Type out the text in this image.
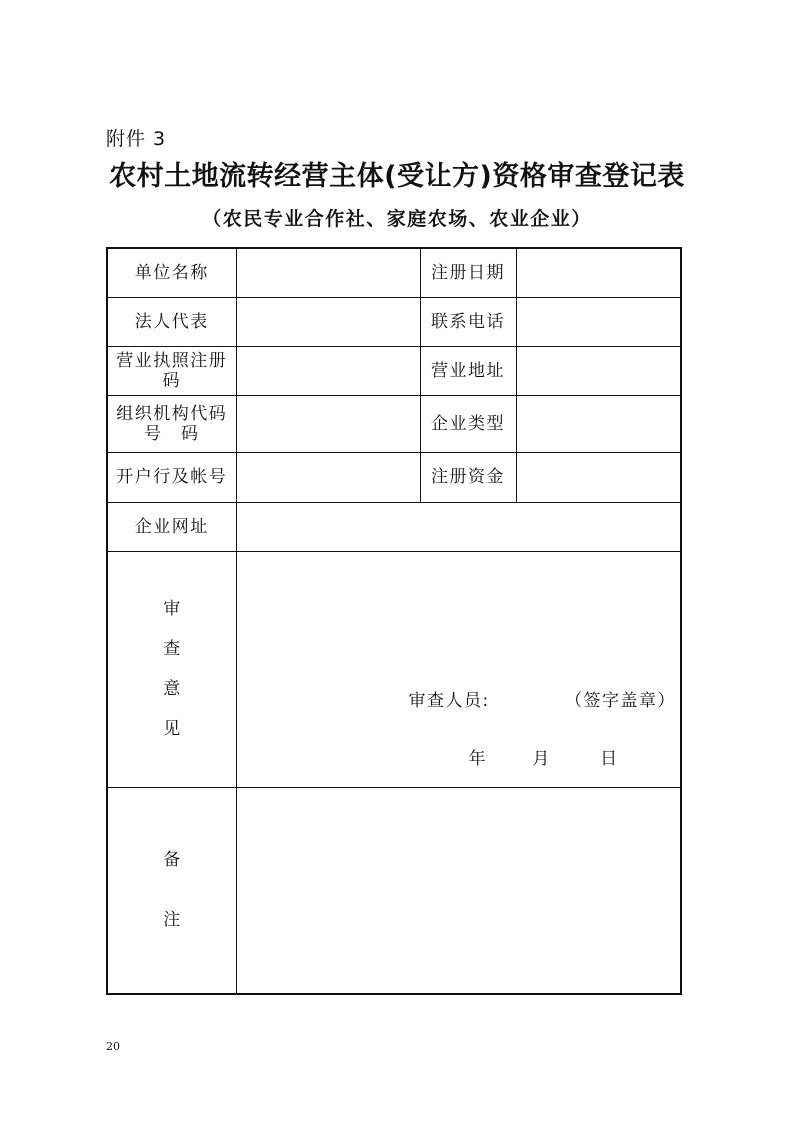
附件 3
农村土地流转经营主体(受让方)资格审查登记表
（农民专业合作社、家庭农场、农业企业）
单位名称		注册日期	
法人代表		联系电话	

营业执照注册
码		营业地址	

组织机构代码
号　码		企业类型	
开户行及帐号		注册资金	
企业网址			

审
查
意
见	审查人员: （签字盖章）
年 月 日		

备
注			

20
